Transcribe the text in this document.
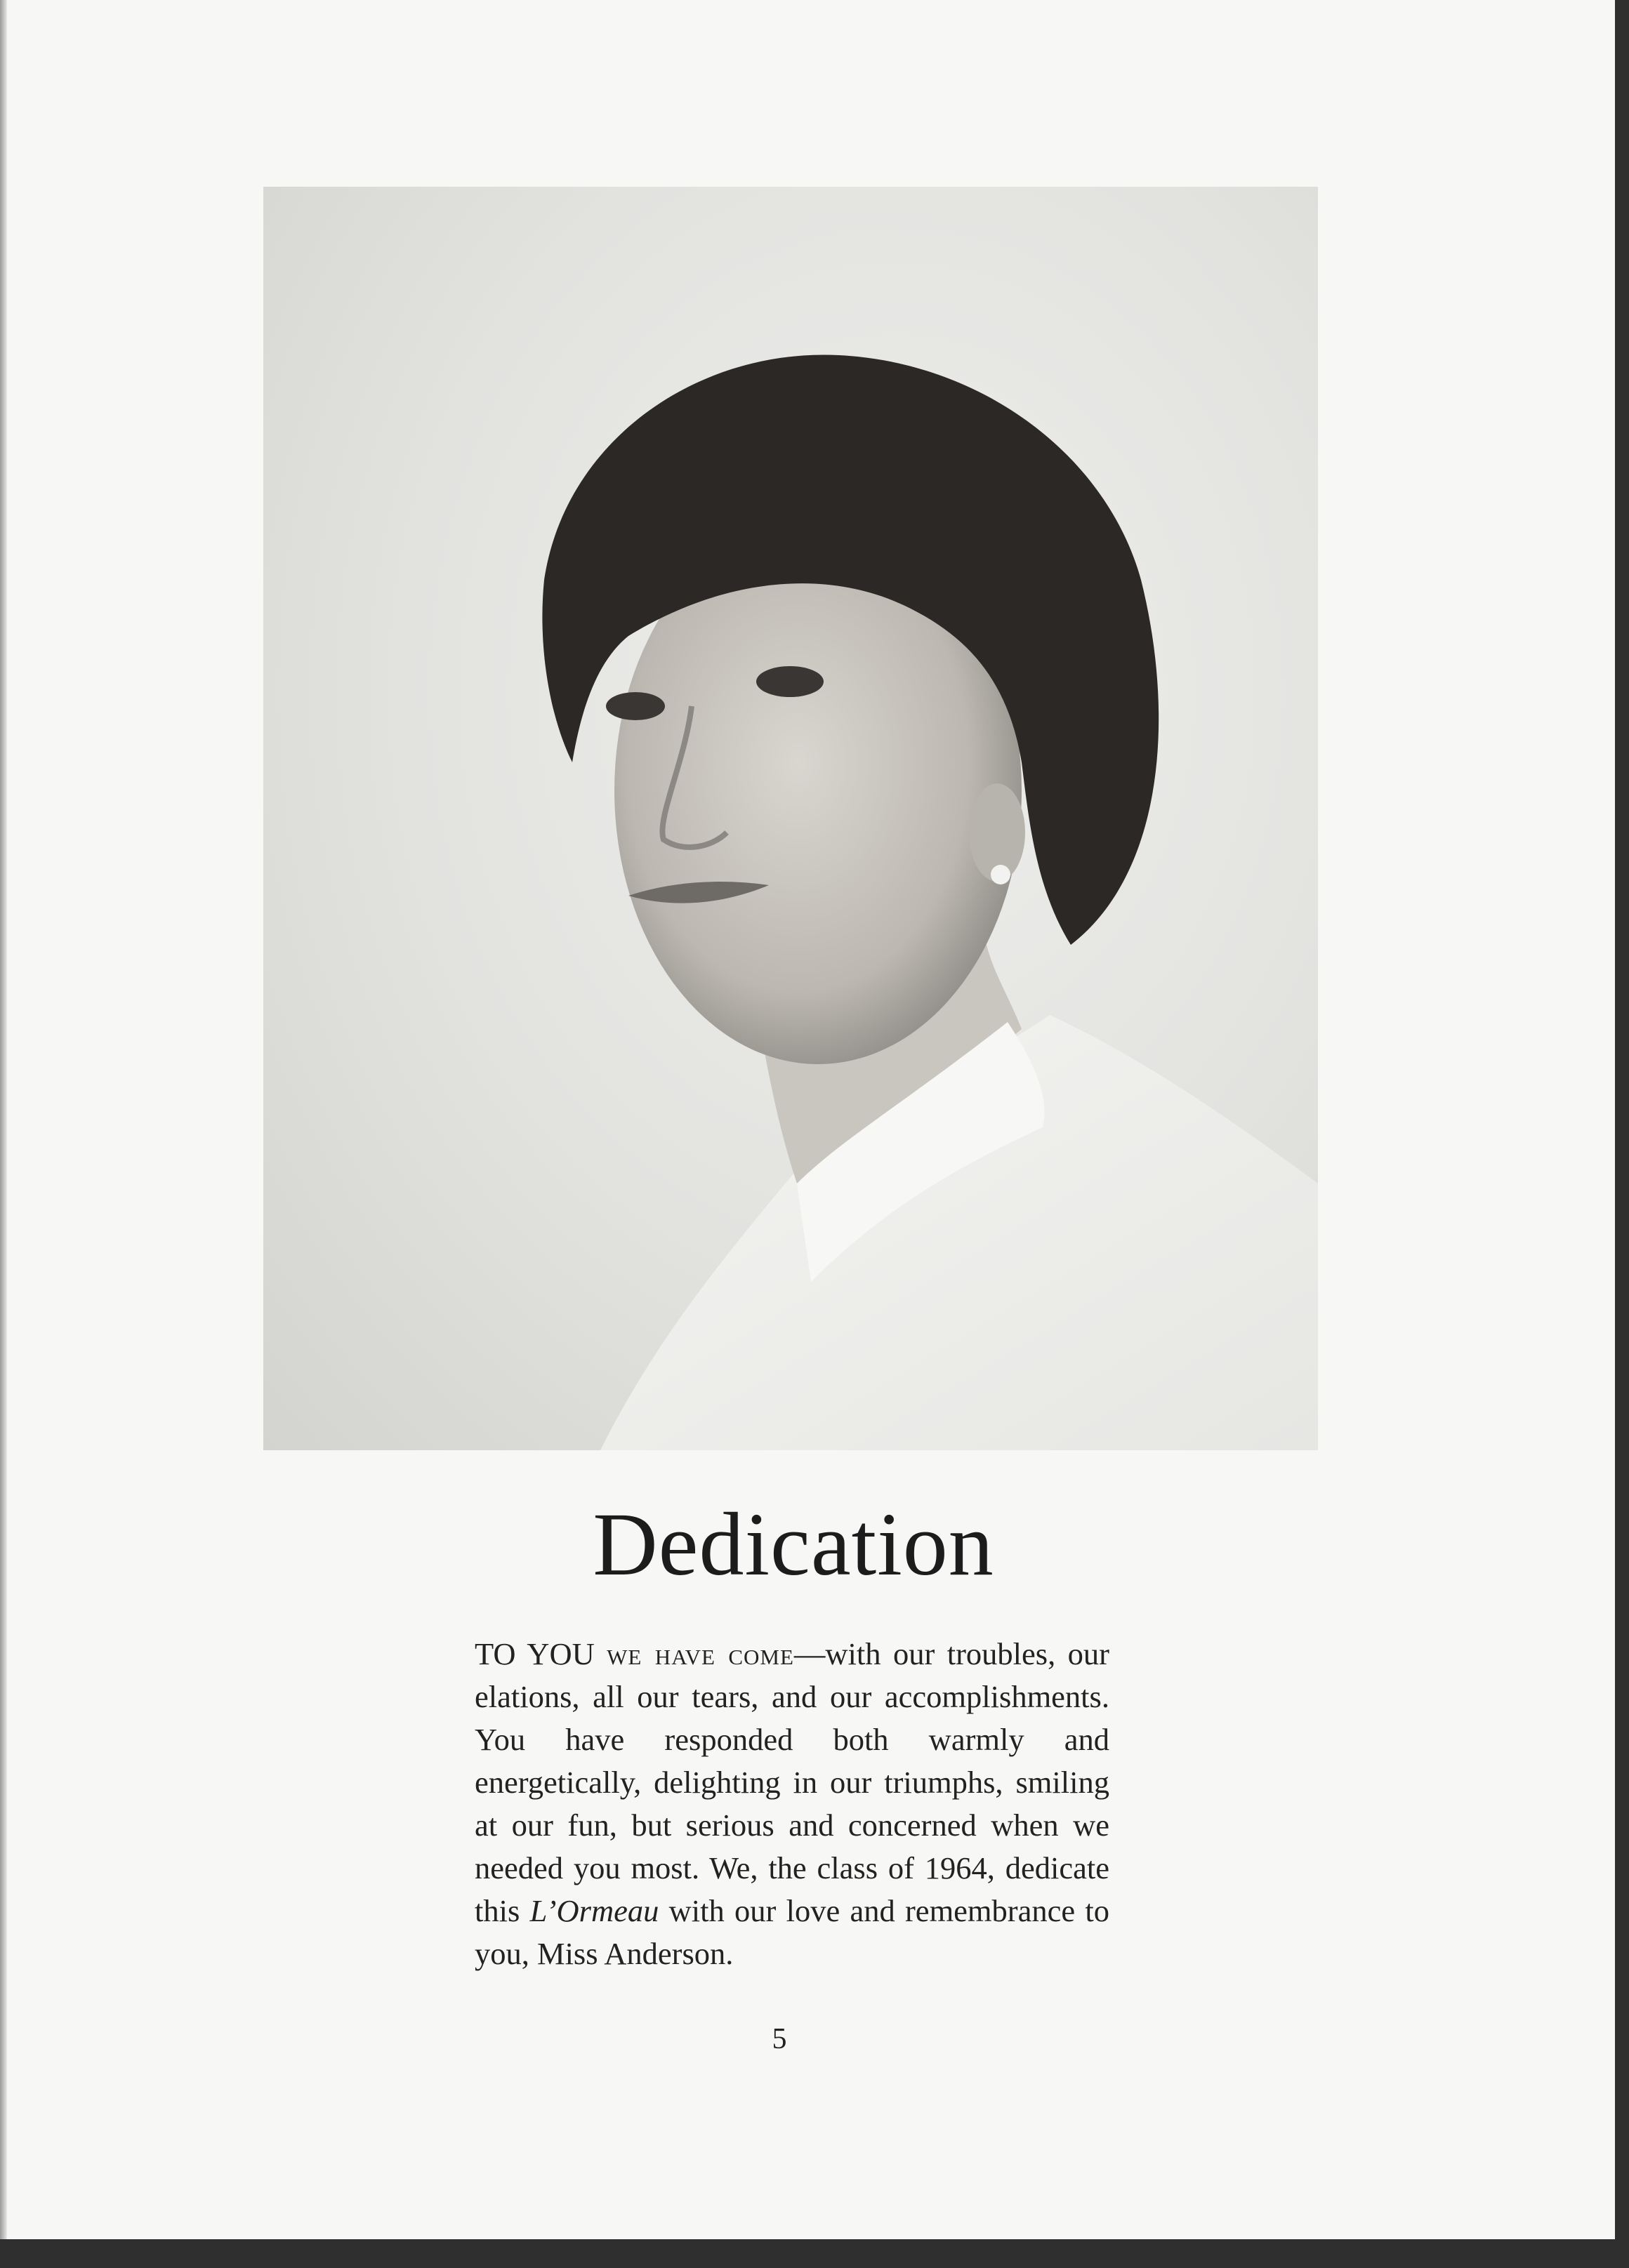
Dedication

TO YOU we have come—with our troubles, our elations, all our tears, and our accomplishments. You have responded both warmly and energetically, delighting in our triumphs, smiling at our fun, but serious and concerned when we needed you most. We, the class of 1964, dedicate this L’Ormeau with our love and remembrance to you, Miss Anderson.

5
